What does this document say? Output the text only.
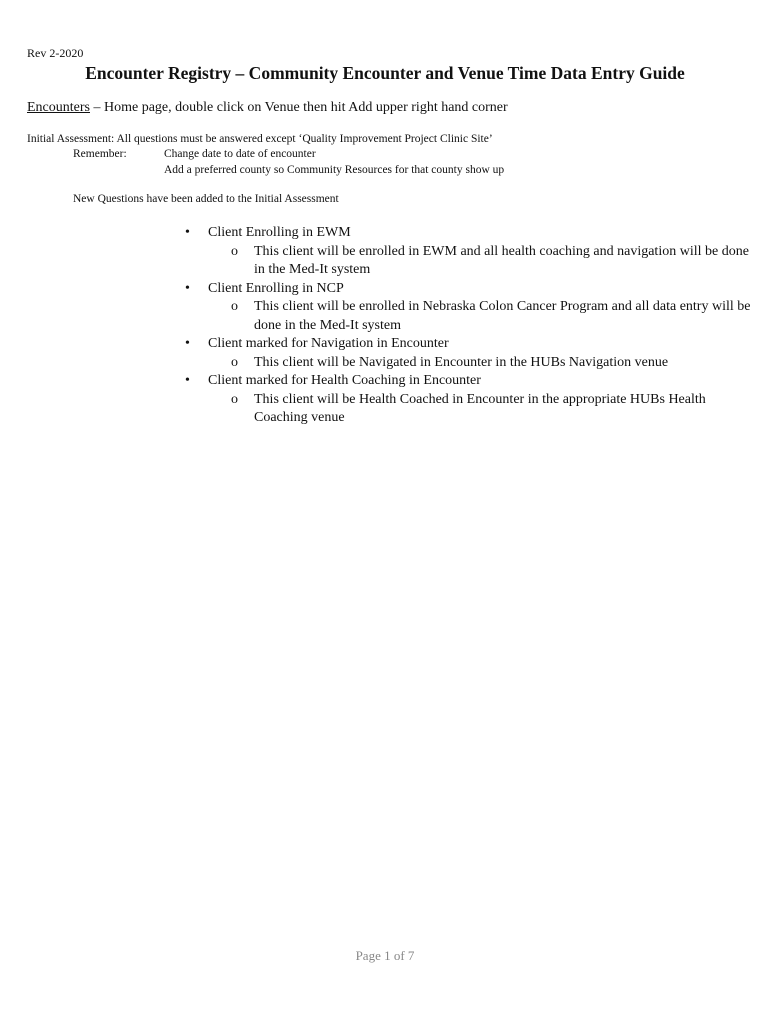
Rev 2-2020
Encounter Registry – Community Encounter and Venue Time Data Entry Guide
Encounters – Home page, double click on Venue then hit Add upper right hand corner
Initial Assessment: All questions must be answered except ‘Quality Improvement Project Clinic Site’
Remember:	Change date to date of encounter
Add a preferred county so Community Resources for that county show up
New Questions have been added to the Initial Assessment
• Client Enrolling in EWM
o This client will be enrolled in EWM and all health coaching and navigation will be done in the Med-It system
• Client Enrolling in NCP
o This client will be enrolled in Nebraska Colon Cancer Program and all data entry will be done in the Med-It system
• Client marked for Navigation in Encounter
o This client will be Navigated in Encounter in the HUBs Navigation venue
• Client marked for Health Coaching in Encounter
o This client will be Health Coached in Encounter in the appropriate HUBs Health Coaching venue
Page 1 of 7
